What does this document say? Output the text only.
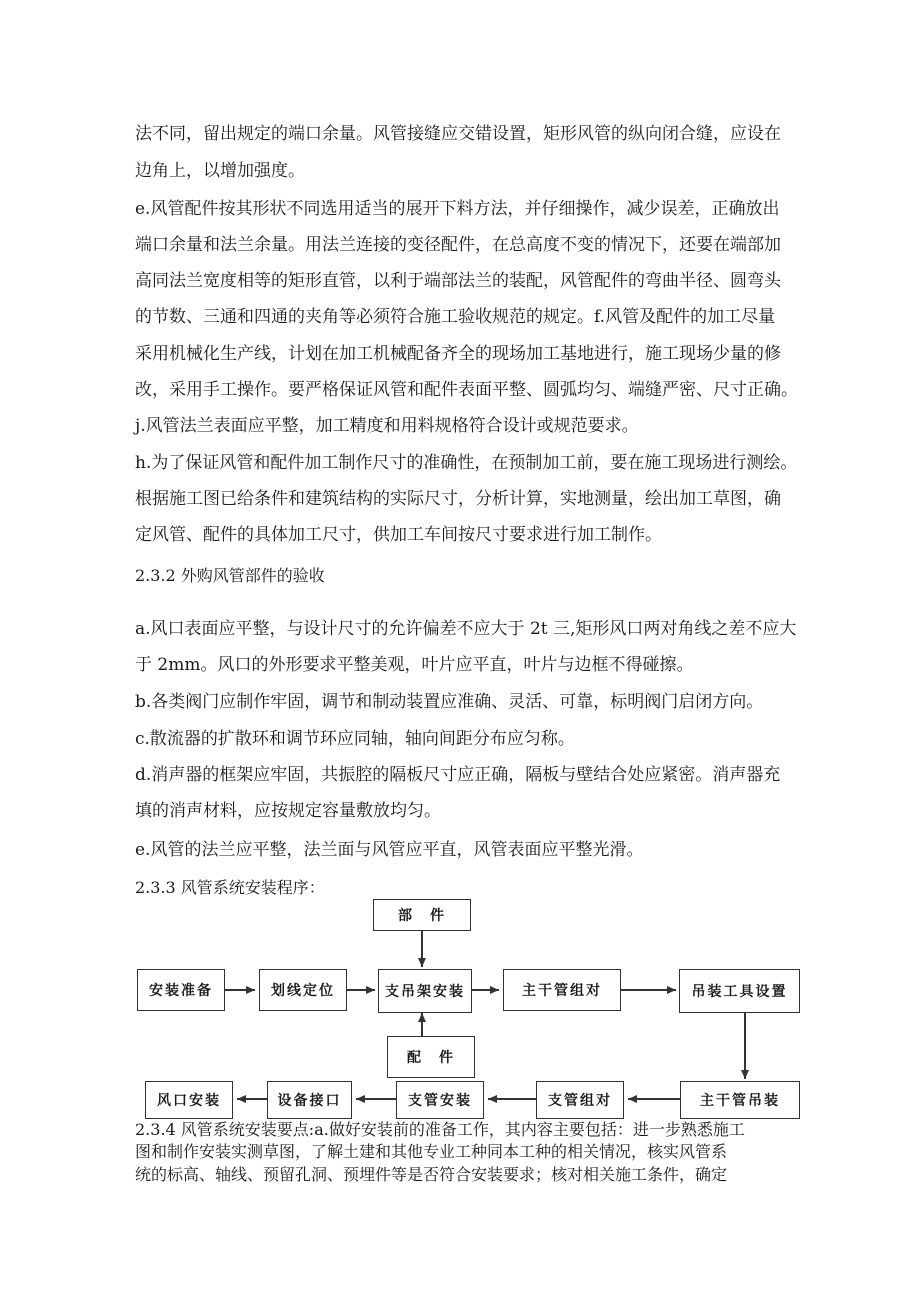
法不同，留出规定的端口余量。风管接缝应交错设置，矩形风管的纵向闭合缝，应设在
边角上，以增加强度。
e.风管配件按其形状不同选用适当的展开下料方法，并仔细操作，减少误差，正确放出
端口余量和法兰余量。用法兰连接的变径配件，在总高度不变的情况下，还要在端部加
高同法兰宽度相等的矩形直管，以利于端部法兰的装配，风管配件的弯曲半径、圆弯头
的节数、三通和四通的夹角等必须符合施工验收规范的规定。f.风管及配件的加工尽量
采用机械化生产线，计划在加工机械配备齐全的现场加工基地进行，施工现场少量的修
改，采用手工操作。要严格保证风管和配件表面平整、圆弧均匀、端缝严密、尺寸正确。
j.风管法兰表面应平整，加工精度和用料规格符合设计或规范要求。
h.为了保证风管和配件加工制作尺寸的准确性，在预制加工前，要在施工现场进行测绘。
根据施工图已给条件和建筑结构的实际尺寸，分析计算，实地测量，绘出加工草图，确
定风管、配件的具体加工尺寸，供加工车间按尺寸要求进行加工制作。
2.3.2 外购风管部件的验收
a.风口表面应平整，与设计尺寸的允许偏差不应大于 2t 三,矩形风口两对角线之差不应大
于 2mm。风口的外形要求平整美观，叶片应平直，叶片与边框不得碰擦。
b.各类阀门应制作牢固，调节和制动装置应准确、灵活、可靠，标明阀门启闭方向。
c.散流器的扩散环和调节环应同轴，轴向间距分布应匀称。
d.消声器的框架应牢固，共振腔的隔板尺寸应正确，隔板与壁结合处应紧密。消声器充
填的消声材料，应按规定容量敷放均匀。
e.风管的法兰应平整，法兰面与风管应平直，风管表面应平整光滑。
2.3.3 风管系统安装程序：
部　件
安装准备	划线定位	支吊架安装	主干管组对	吊装工具设置
配　件
主干管吊装
支管组对
支管安装
设备接口
风口安装
2.3.4 风管系统安装要点:a.做好安装前的准备工作，其内容主要包括：进一步熟悉施工
图和制作安装实测草图，了解土建和其他专业工种同本工种的相关情况，核实风管系
统的标高、轴线、预留孔洞、预埋件等是否符合安装要求；核对相关施工条件，确定
